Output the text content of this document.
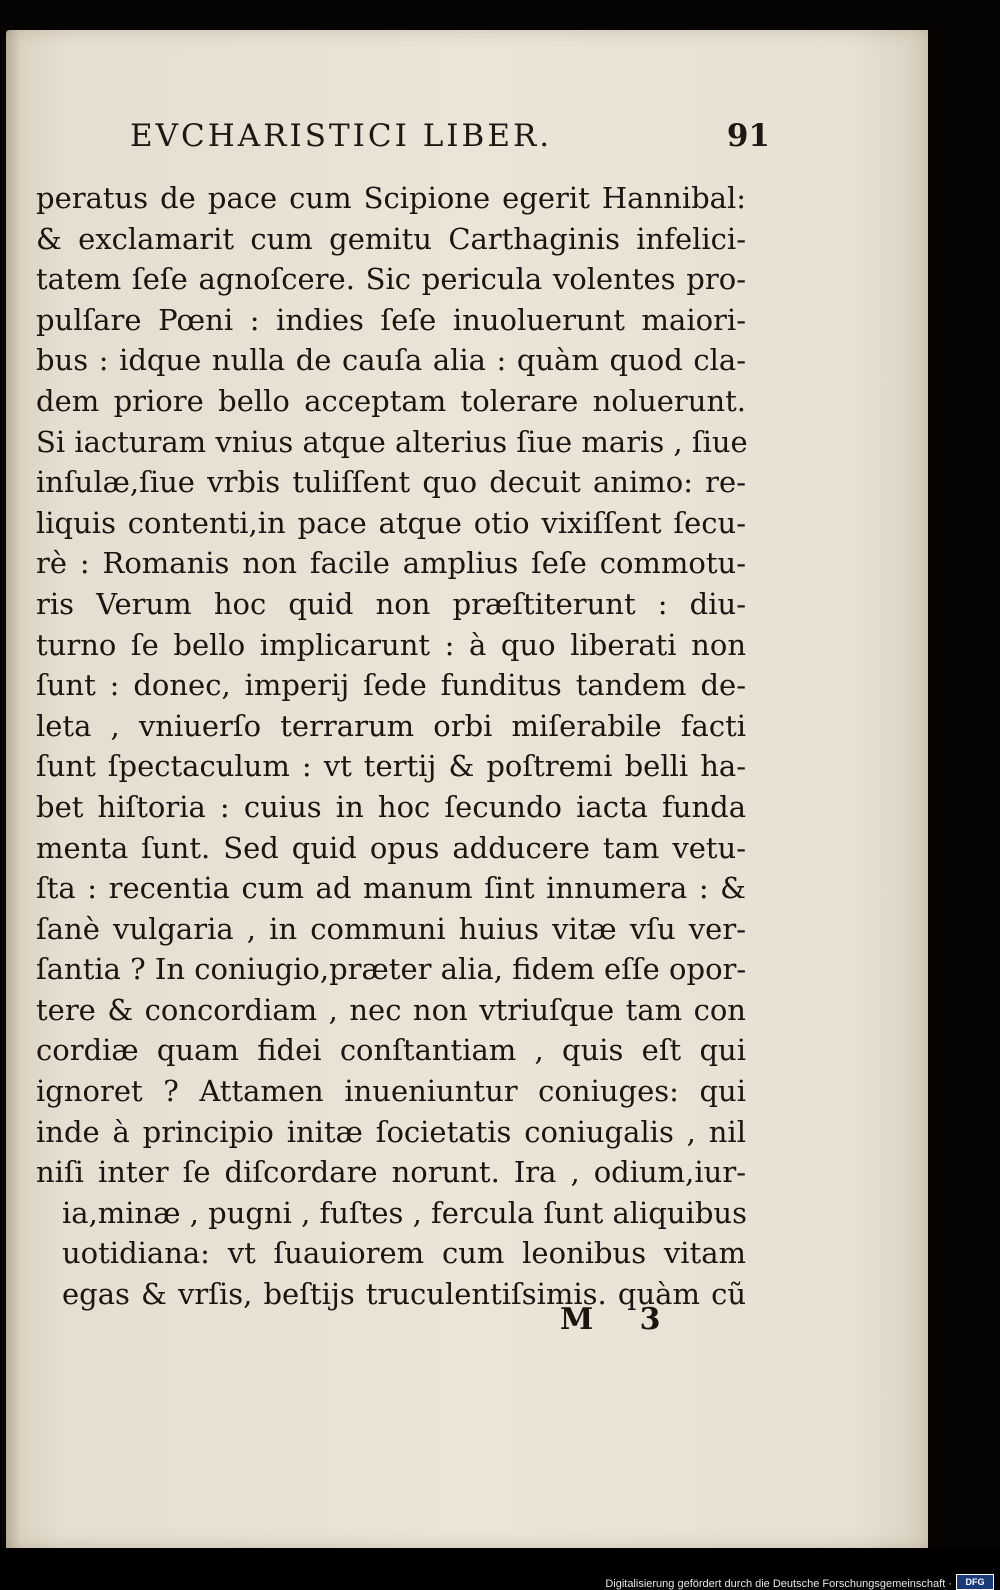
EVCHARISTICI LIBER.	91
peratus de pace cum Scipione egerit Hannibal:
& exclamarit cum gemitu Carthaginis infelici-
tatem ſeſe agnoſcere. Sic pericula volentes pro-
pulſare Pœni : indies ſeſe inuoluerunt maiori-
bus : idque nulla de cauſa alia : quàm quod cla-
dem priore bello acceptam tolerare noluerunt.
Si iacturam vnius atque alterius ſiue maris , ſiue
inſulæ,ſiue vrbis tuliſſent quo decuit animo: re-
liquis contenti,in pace atque otio vixiſſent ſecu-
rè : Romanis non facile amplius ſeſe commotu-
ris Verum hoc quid non præſtiterunt : diu-
turno ſe bello implicarunt : à quo liberati non
ſunt : donec, imperij ſede funditus tandem de-
leta , vniuerſo terrarum orbi miſerabile facti
ſunt ſpectaculum : vt tertij & poſtremi belli ha-
bet hiſtoria : cuius in hoc ſecundo iacta funda
menta ſunt. Sed quid opus adducere tam vetu-
ſta : recentia cum ad manum ſint innumera : &
ſanè vulgaria , in communi huius vitæ vſu ver-
ſantia ? In coniugio,præter alia, fidem eſſe opor-
tere & concordiam , nec non vtriuſque tam con
cordiæ quam fidei conſtantiam , quis eſt qui
ignoret ? Attamen inueniuntur coniuges: qui
inde à principio initæ ſocietatis coniugalis , nil
niſi inter ſe diſcordare norunt. Ira , odium,iur-
ia,minæ , pugni , fuſtes , fercula ſunt aliquibus
uotidiana: vt ſuauiorem cum leonibus vitam
egas & vrſis, beſtijs truculentiſsimis. quàm cũ
M 3
Digitalisierung gefördert durch die Deutsche Forschungsgemeinschaft ·	DFG
